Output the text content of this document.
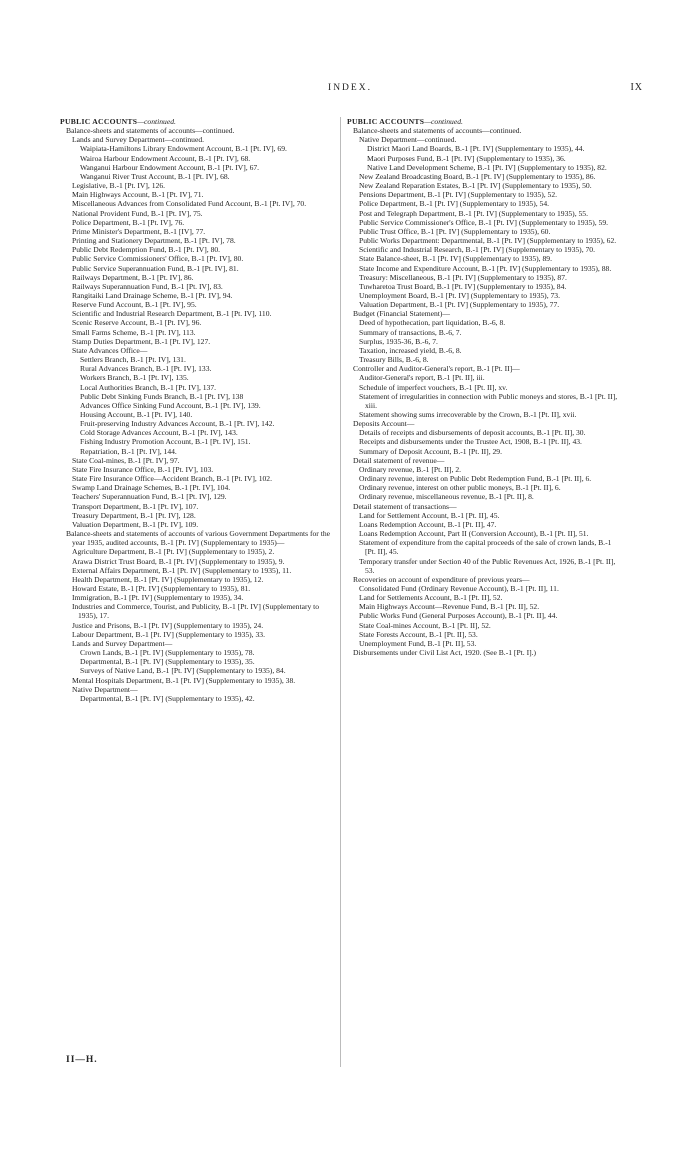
INDEX.	IX

PUBLIC ACCOUNTS—continued.

Balance-sheets and statements of accounts—continued.

Lands and Survey Department—continued.

Waipiata-Hamiltons Library Endowment Account, B.-1 [Pt. IV], 69.

Wairoa Harbour Endowment Account, B.-1 [Pt. IV], 68.

Wanganui Harbour Endowment Account, B.-1 [Pt. IV], 67.

Wanganui River Trust Account, B.-1 [Pt. IV], 68.

Legislative, B.-1 [Pt. IV], 126.

Main Highways Account, B.-1 [Pt. IV], 71.

Miscellaneous Advances from Consolidated Fund Account, B.-1 [Pt. IV], 70.

National Provident Fund, B.-1 [Pt. IV], 75.

Police Department, B.-1 [Pt. IV], 76.

Prime Minister's Department, B.-1 [IV], 77.

Printing and Stationery Department, B.-1 [Pt. IV], 78.

Public Debt Redemption Fund, B.-1 [Pt. IV], 80.

Public Service Commissioners' Office, B.-1 [Pt. IV], 80.

Public Service Superannuation Fund, B.-1 [Pt. IV], 81.

Railways Department, B.-1 [Pt. IV], 86.

Railways Superannuation Fund, B.-1 [Pt. IV], 83.

Rangitaiki Land Drainage Scheme, B.-1 [Pt. IV], 94.

Reserve Fund Account, B.-1 [Pt. IV], 95.

Scientific and Industrial Research Department, B.-1 [Pt. IV], 110.

Scenic Reserve Account, B.-1 [Pt. IV], 96.

Small Farms Scheme, B.-1 [Pt. IV], 113.

Stamp Duties Department, B.-1 [Pt. IV], 127.

State Advances Office—

Settlers Branch, B.-1 [Pt. IV], 131.

Rural Advances Branch, B.-1 [Pt. IV], 133.

Workers Branch, B.-1 [Pt. IV], 135.

Local Authorities Branch, B.-1 [Pt. IV], 137.

Public Debt Sinking Funds Branch, B.-1 [Pt. IV], 138

Advances Office Sinking Fund Account, B.-1 [Pt. IV], 139.

Housing Account, B.-1 [Pt. IV], 140.

Fruit-preserving Industry Advances Account, B.-1 [Pt. IV], 142.

Cold Storage Advances Account, B.-1 [Pt. IV], 143.

Fishing Industry Promotion Account, B.-1 [Pt. IV], 151.

Repatriation, B.-1 [Pt. IV], 144.

State Coal-mines, B.-1 [Pt. IV], 97.

State Fire Insurance Office, B.-1 [Pt. IV], 103.

State Fire Insurance Office—Accident Branch, B.-1 [Pt. IV], 102.

Swamp Land Drainage Schemes, B.-1 [Pt. IV], 104.

Teachers' Superannuation Fund, B.-1 [Pt. IV], 129.

Transport Department, B.-1 [Pt. IV], 107.

Treasury Department, B.-1 [Pt. IV], 128.

Valuation Department, B.-1 [Pt. IV], 109.

Balance-sheets and statements of accounts of various Government Departments for the year 1935, audited accounts, B.-1 [Pt. IV] (Supplementary to 1935)—

Agriculture Department, B.-1 [Pt. IV] (Supplementary to 1935), 2.

Arawa District Trust Board, B.-1 [Pt. IV] (Supplementary to 1935), 9.

External Affairs Department, B.-1 [Pt. IV] (Supplementary to 1935), 11.

Health Department, B.-1 [Pt. IV] (Supplementary to 1935), 12.

Howard Estate, B.-1 [Pt. IV] (Supplementary to 1935), 81.

Immigration, B.-1 [Pt. IV] (Supplementary to 1935), 34.

Industries and Commerce, Tourist, and Publicity, B.-1 [Pt. IV] (Supplementary to 1935), 17.

Justice and Prisons, B.-1 [Pt. IV] (Supplementary to 1935), 24.

Labour Department, B.-1 [Pt. IV] (Supplementary to 1935), 33.

Lands and Survey Department—

Crown Lands, B.-1 [Pt. IV] (Supplementary to 1935), 78.

Departmental, B.-1 [Pt. IV] (Supplementary to 1935), 35.

Surveys of Native Land, B.-1 [Pt. IV] (Supplementary to 1935), 84.

Mental Hospitals Department, B.-1 [Pt. IV] (Supplementary to 1935), 38.

Native Department—

Departmental, B.-1 [Pt. IV] (Supplementary to 1935), 42.

PUBLIC ACCOUNTS—continued.

Balance-sheets and statements of accounts—continued.

Native Department—continued.

District Maori Land Boards, B.-1 [Pt. IV] (Supplementary to 1935), 44.

Maori Purposes Fund, B.-1 [Pt. IV] (Supplementary to 1935), 36.

Native Land Development Scheme, B.-1 [Pt. IV] (Supplementary to 1935), 82.

New Zealand Broadcasting Board, B.-1 [Pt. IV] (Supplementary to 1935), 86.

New Zealand Reparation Estates, B.-1 [Pt. IV] (Supplementary to 1935), 50.

Pensions Department, B.-1 [Pt. IV] (Supplementary to 1935), 52.

Police Department, B.-1 [Pt. IV] (Supplementary to 1935), 54.

Post and Telegraph Department, B.-1 [Pt. IV] (Supplementary to 1935), 55.

Public Service Commissioner's Office, B.-1 [Pt. IV] (Supplementary to 1935), 59.

Public Trust Office, B.-1 [Pt. IV] (Supplementary to 1935), 60.

Public Works Department: Departmental, B.-1 [Pt. IV] (Supplementary to 1935), 62.

Scientific and Industrial Research, B.-1 [Pt. IV] (Supplementary to 1935), 70.

State Balance-sheet, B.-1 [Pt. IV] (Supplementary to 1935), 89.

State Income and Expenditure Account, B.-1 [Pt. IV] (Supplementary to 1935), 88.

Treasury: Miscellaneous, B.-1 [Pt. IV] (Supplementary to 1935), 87.

Tuwharetoa Trust Board, B.-1 [Pt. IV] (Supplementary to 1935), 84.

Unemployment Board, B.-1 [Pt. IV] (Supplementary to 1935), 73.

Valuation Department, B.-1 [Pt. IV] (Supplementary to 1935), 77.

Budget (Financial Statement)—

Deed of hypothecation, part liquidation, B.-6, 8.

Summary of transactions, B.-6, 7.

Surplus, 1935-36, B.-6, 7.

Taxation, increased yield, B.-6, 8.

Treasury Bills, B.-6, 8.

Controller and Auditor-General's report, B.-1 [Pt. II]—

Auditor-General's report, B.-1 [Pt. II], iii.

Schedule of imperfect vouchers, B.-1 [Pt. II], xv.

Statement of irregularities in connection with Public moneys and stores, B.-1 [Pt. II], xiii.

Statement showing sums irrecoverable by the Crown, B.-1 [Pt. II], xvii.

Deposits Account—

Details of receipts and disbursements of deposit accounts, B.-1 [Pt. II], 30.

Receipts and disbursements under the Trustee Act, 1908, B.-1 [Pt. II], 43.

Summary of Deposit Account, B.-1 [Pt. II], 29.

Detail statement of revenue—

Ordinary revenue, B.-1 [Pt. II], 2.

Ordinary revenue, interest on Public Debt Redemption Fund, B.-1 [Pt. II], 6.

Ordinary revenue, interest on other public moneys, B.-1 [Pt. II], 6.

Ordinary revenue, miscellaneous revenue, B.-1 [Pt. II], 8.

Detail statement of transactions—

Land for Settlement Account, B.-1 [Pt. II], 45.

Loans Redemption Account, B.-1 [Pt. II], 47.

Loans Redemption Account, Part II (Conversion Account), B.-1 [Pt. II], 51.

Statement of expenditure from the capital proceeds of the sale of crown lands, B.-1 [Pt. II], 45.

Temporary transfer under Section 40 of the Public Revenues Act, 1926, B.-1 [Pt. II], 53.

Recoveries on account of expenditure of previous years—

Consolidated Fund (Ordinary Revenue Account), B.-1 [Pt. II], 11.

Land for Settlements Account, B.-1 [Pt. II], 52.

Main Highways Account—Revenue Fund, B.-1 [Pt. II], 52.

Public Works Fund (General Purposes Account), B.-1 [Pt. II], 44.

State Coal-mines Account, B.-1 [Pt. II], 52.

State Forests Account, B.-1 [Pt. II], 53.

Unemployment Fund, B.-1 [Pt. II], 53.

Disbursements under Civil List Act, 1920. (See B.-1 [Pt. I].)

II—H.
